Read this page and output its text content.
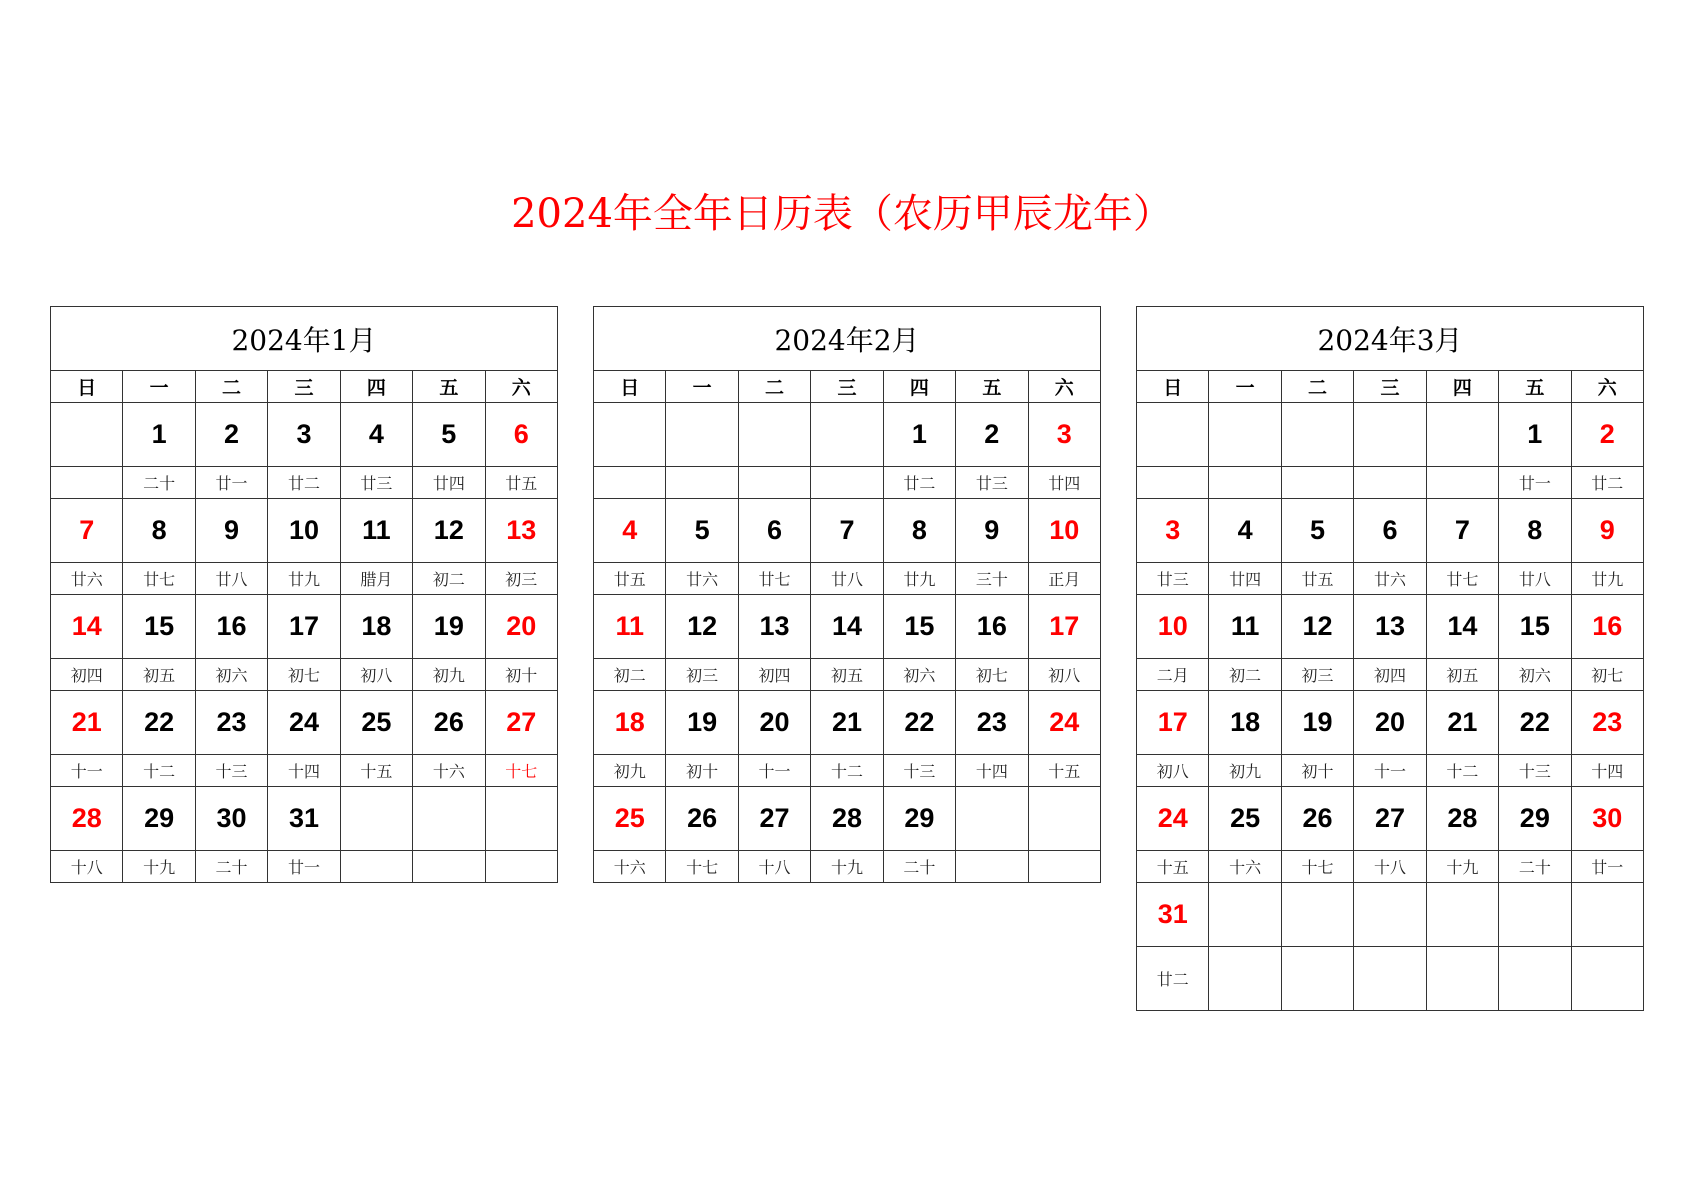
2024年全年日历表（农历甲辰龙年）
2024年1月						
日	一	二	三	四	五	六
	1	2	3	4	5	6
	二十	廿一	廿二	廿三	廿四	廿五
7	8	9	10	11	12	13
廿六	廿七	廿八	廿九	腊月	初二	初三
14	15	16	17	18	19	20
初四	初五	初六	初七	初八	初九	初十
21	22	23	24	25	26	27
十一	十二	十三	十四	十五	十六	十七
28	29	30	31			
十八	十九	二十	廿一			
2024年2月						
日	一	二	三	四	五	六
				1	2	3
				廿二	廿三	廿四
4	5	6	7	8	9	10
廿五	廿六	廿七	廿八	廿九	三十	正月
11	12	13	14	15	16	17
初二	初三	初四	初五	初六	初七	初八
18	19	20	21	22	23	24
初九	初十	十一	十二	十三	十四	十五
25	26	27	28	29		
十六	十七	十八	十九	二十		
2024年3月						
日	一	二	三	四	五	六
					1	2
					廿一	廿二
3	4	5	6	7	8	9
廿三	廿四	廿五	廿六	廿七	廿八	廿九
10	11	12	13	14	15	16
二月	初二	初三	初四	初五	初六	初七
17	18	19	20	21	22	23
初八	初九	初十	十一	十二	十三	十四
24	25	26	27	28	29	30
十五	十六	十七	十八	十九	二十	廿一
31						
廿二						
